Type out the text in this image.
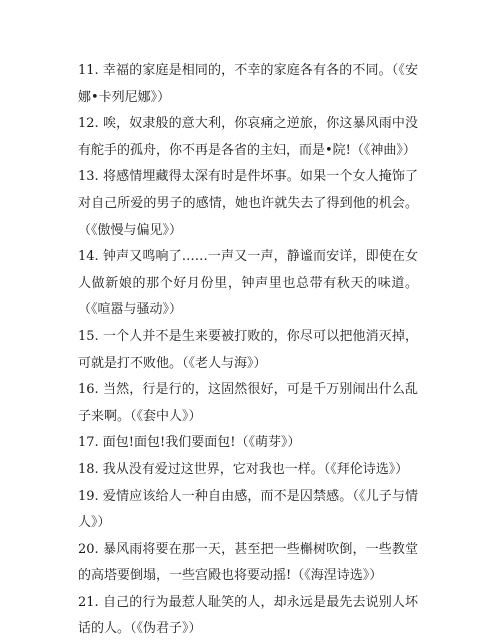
11. 幸福的家庭是相同的，不幸的家庭各有各的不同。（《安娜•卡列尼娜》）

12. 唉，奴隶般的意大利，你哀痛之逆旅，你这暴风雨中没有舵手的孤舟，你不再是各省的主妇，而是•院!（《神曲》）

13. 将感情埋藏得太深有时是件坏事。如果一个女人掩饰了对自己所爱的男子的感情，她也许就失去了得到他的机会。（《傲慢与偏见》）

14. 钟声又鸣响了……一声又一声，静谧而安详，即使在女人做新娘的那个好月份里，钟声里也总带有秋天的味道。（《喧嚣与骚动》）

15. 一个人并不是生来要被打败的，你尽可以把他消灭掉，可就是打不败他。（《老人与海》）

16. 当然，行是行的，这固然很好，可是千万别闹出什么乱子来啊。（《套中人》）

17. 面包!面包!我们要面包!（《萌芽》）

18. 我从没有爱过这世界，它对我也一样。（《拜伦诗选》）

19. 爱情应该给人一种自由感，而不是囚禁感。（《儿子与情人》）

20. 暴风雨将要在那一天，甚至把一些槲树吹倒，一些教堂的高塔要倒塌，一些宫殿也将要动摇!（《海涅诗选》）

21. 自己的行为最惹人耻笑的人，却永远是最先去说别人坏话的人。（《伪君子》）
